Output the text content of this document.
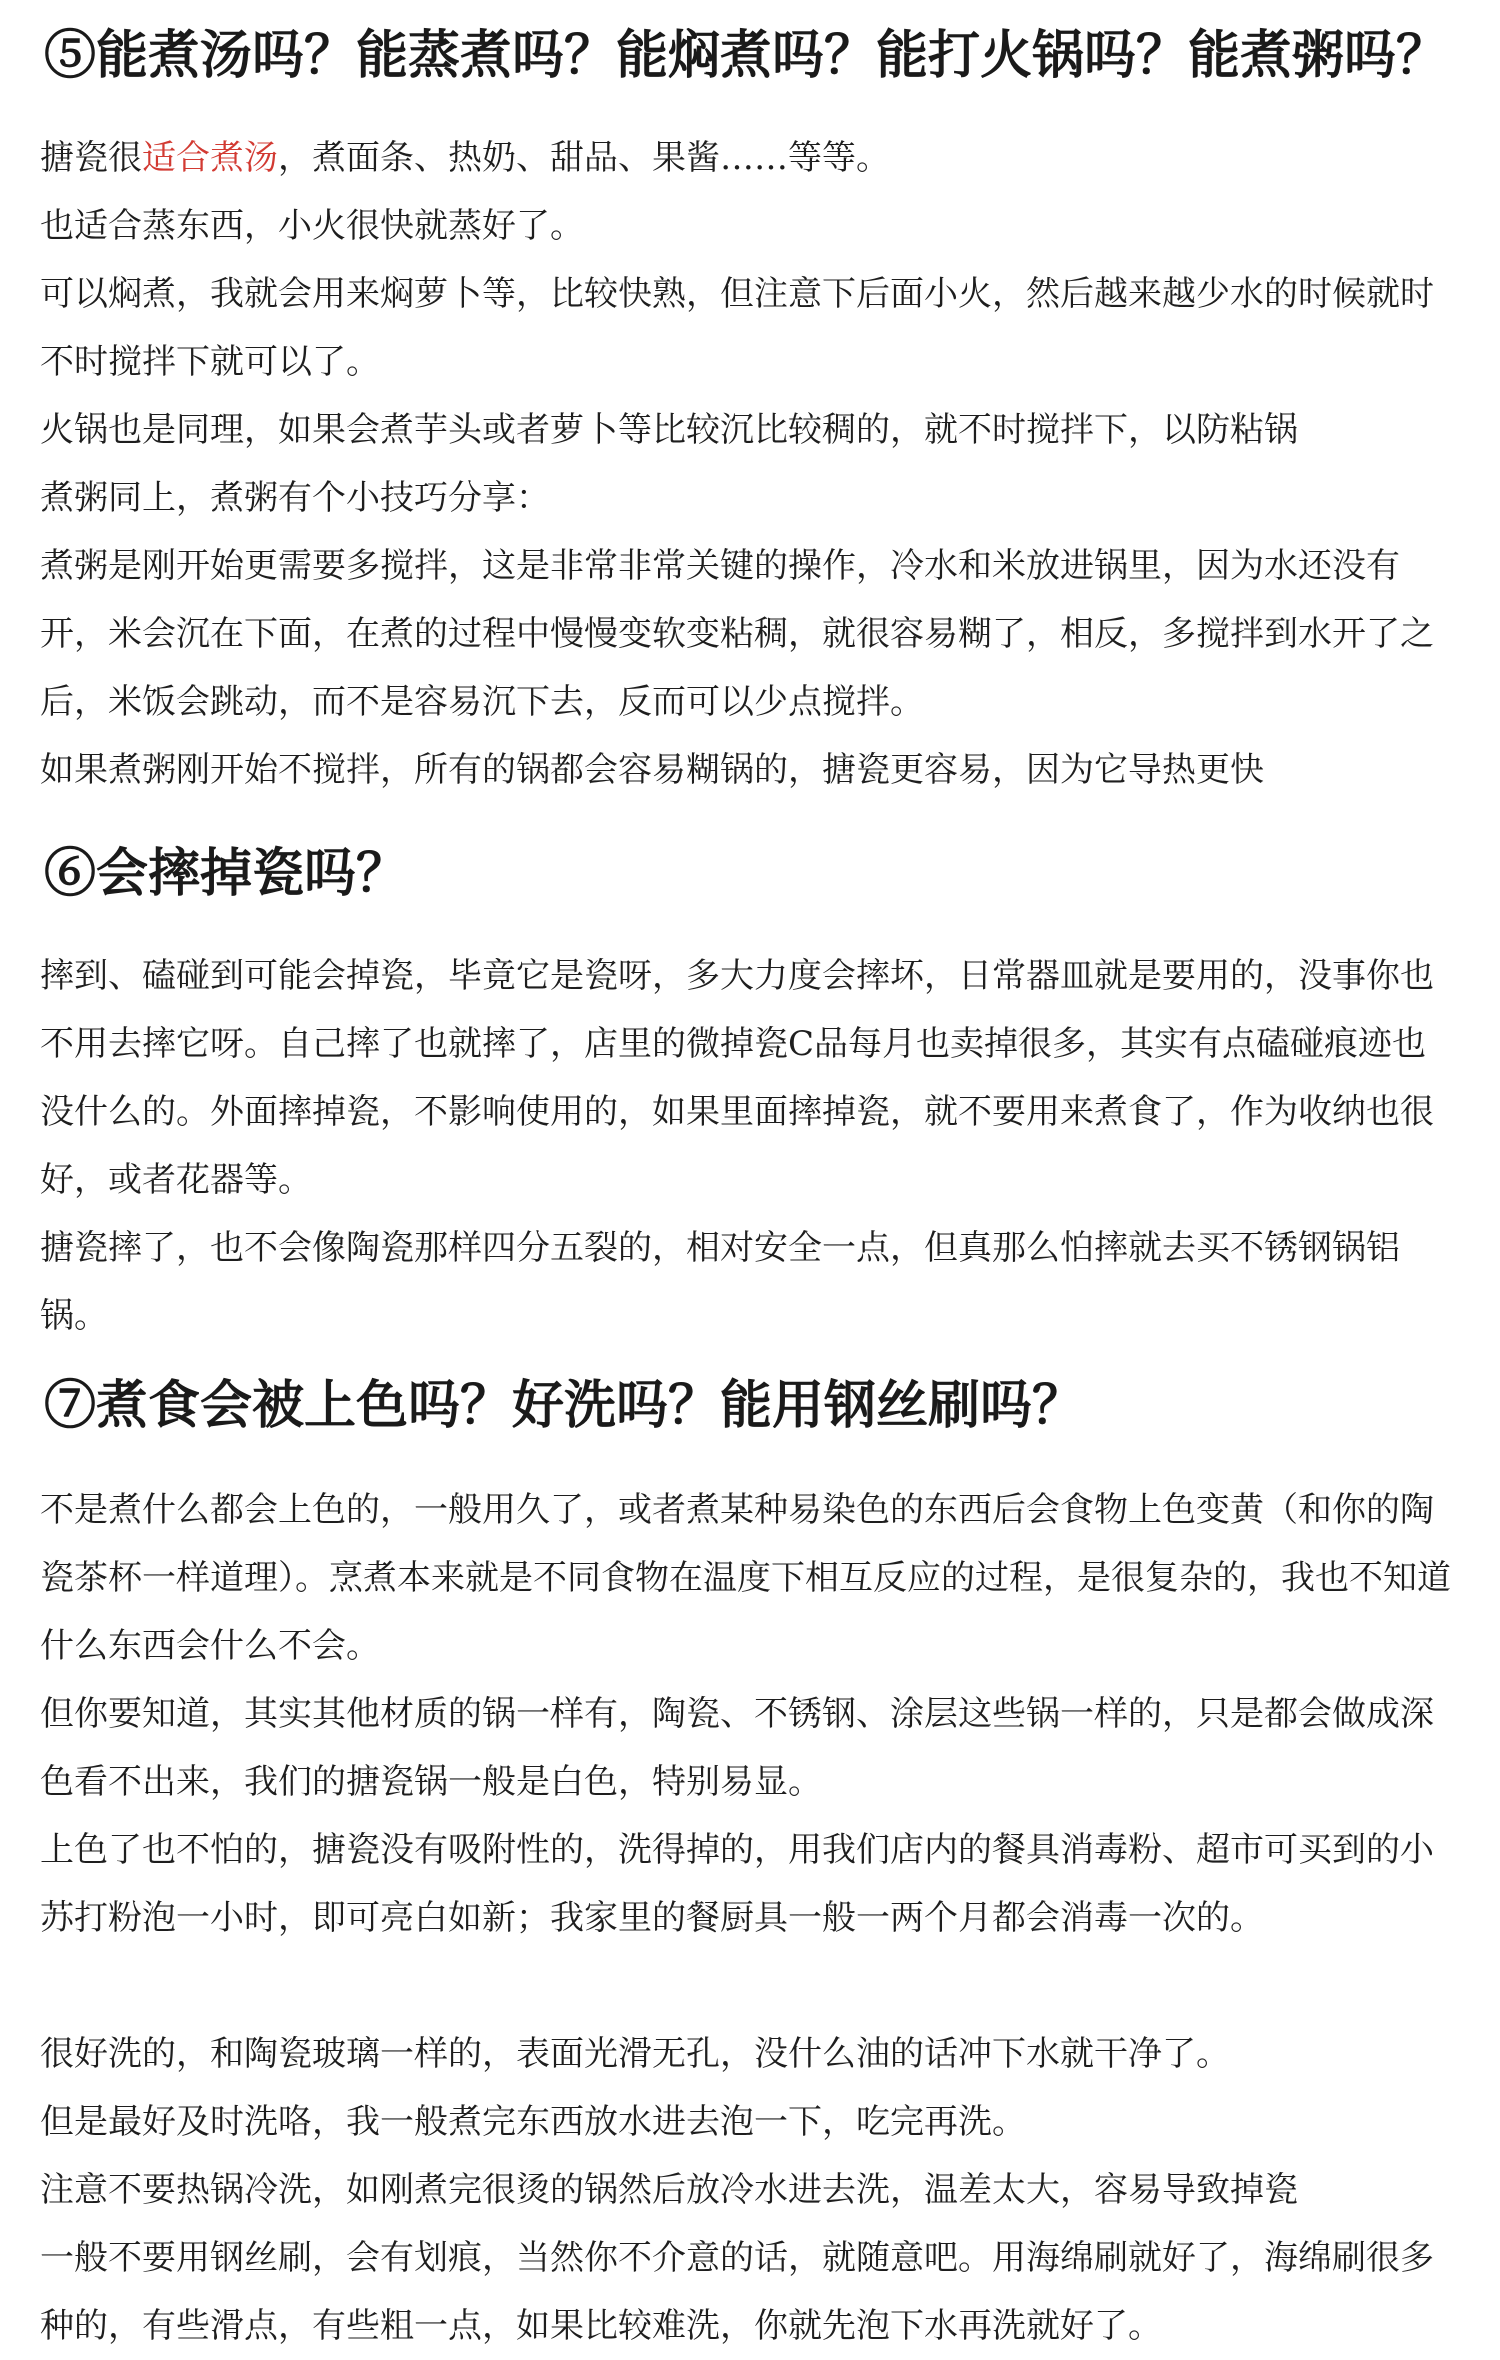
⑤能煮汤吗？能蒸煮吗？能焖煮吗？能打火锅吗？能煮粥吗？

搪瓷很适合煮汤，煮面条、热奶、甜品、果酱……等等。

也适合蒸东西，小火很快就蒸好了。

可以焖煮，我就会用来焖萝卜等，比较快熟，但注意下后面小火，然后越来越少水的时候就时不时搅拌下就可以了。

火锅也是同理，如果会煮芋头或者萝卜等比较沉比较稠的，就不时搅拌下，以防粘锅

煮粥同上，煮粥有个小技巧分享：

煮粥是刚开始更需要多搅拌，这是非常非常关键的操作，冷水和米放进锅里，因为水还没有开，米会沉在下面，在煮的过程中慢慢变软变粘稠，就很容易糊了，相反，多搅拌到水开了之后，米饭会跳动，而不是容易沉下去，反而可以少点搅拌。

如果煮粥刚开始不搅拌，所有的锅都会容易糊锅的，搪瓷更容易，因为它导热更快

⑥会摔掉瓷吗？

摔到、磕碰到可能会掉瓷，毕竟它是瓷呀，多大力度会摔坏，日常器皿就是要用的，没事你也不用去摔它呀。自己摔了也就摔了，店里的微掉瓷C品每月也卖掉很多，其实有点磕碰痕迹也没什么的。外面摔掉瓷，不影响使用的，如果里面摔掉瓷，就不要用来煮食了，作为收纳也很好，或者花器等。

搪瓷摔了，也不会像陶瓷那样四分五裂的，相对安全一点，但真那么怕摔就去买不锈钢锅铝锅。

⑦煮食会被上色吗？好洗吗？能用钢丝刷吗？

不是煮什么都会上色的，一般用久了，或者煮某种易染色的东西后会食物上色变黄（和你的陶瓷茶杯一样道理）。烹煮本来就是不同食物在温度下相互反应的过程，是很复杂的，我也不知道什么东西会什么不会。

但你要知道，其实其他材质的锅一样有，陶瓷、不锈钢、涂层这些锅一样的，只是都会做成深色看不出来，我们的搪瓷锅一般是白色，特别易显。

上色了也不怕的，搪瓷没有吸附性的，洗得掉的，用我们店内的餐具消毒粉、超市可买到的小苏打粉泡一小时，即可亮白如新；我家里的餐厨具一般一两个月都会消毒一次的。

很好洗的，和陶瓷玻璃一样的，表面光滑无孔，没什么油的话冲下水就干净了。

但是最好及时洗咯，我一般煮完东西放水进去泡一下，吃完再洗。

注意不要热锅冷洗，如刚煮完很烫的锅然后放冷水进去洗，温差太大，容易导致掉瓷

一般不要用钢丝刷，会有划痕，当然你不介意的话，就随意吧。用海绵刷就好了，海绵刷很多种的，有些滑点，有些粗一点，如果比较难洗，你就先泡下水再洗就好了。
